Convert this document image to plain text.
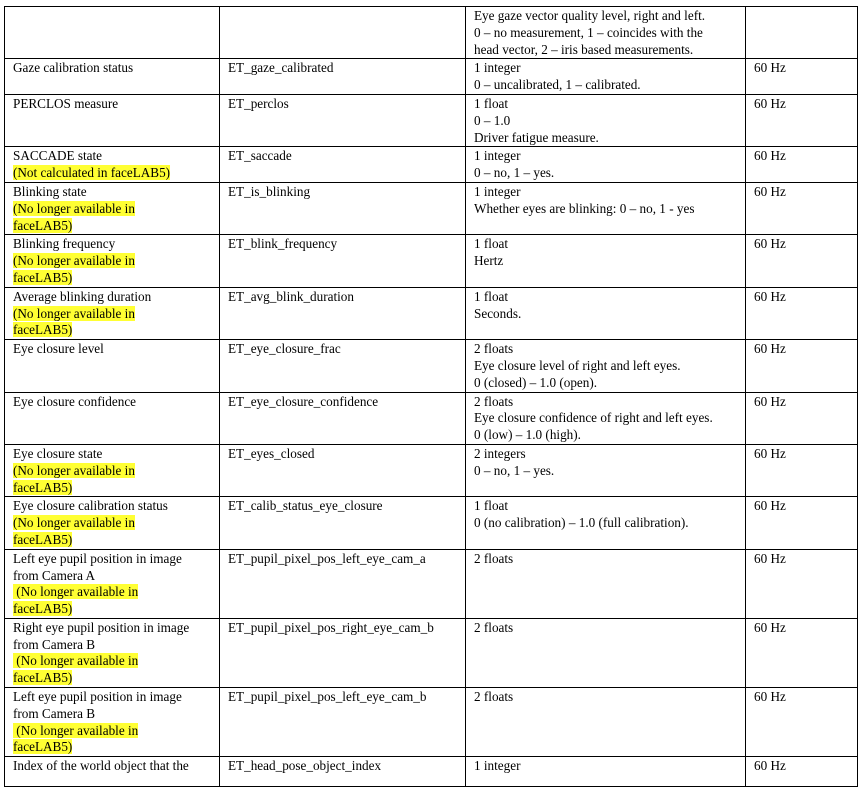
		Eye gaze vector quality level, right and left.
0 – no measurement, 1 – coincides with the
head vector, 2 – iris based measurements.	

Gaze calibration status	ET_gaze_calibrated	1 integer
0 – uncalibrated, 1 – calibrated.	60 Hz

PERCLOS measure	ET_perclos	1 float
0 – 1.0
Driver fatigue measure.	60 Hz

SACCADE state
(Not calculated in faceLAB5)	ET_saccade	1 integer
0 – no, 1 – yes.	60 Hz

Blinking state
(No longer available in
faceLAB5)	ET_is_blinking	1 integer
Whether eyes are blinking: 0 – no, 1 - yes	60 Hz

Blinking frequency
(No longer available in
faceLAB5)	ET_blink_frequency	1 float
Hertz	60 Hz

Average blinking duration
(No longer available in
faceLAB5)	ET_avg_blink_duration	1 float
Seconds.	60 Hz

Eye closure level	ET_eye_closure_frac	2 floats
Eye closure level of right and left eyes.
0 (closed) – 1.0 (open).	60 Hz

Eye closure confidence	ET_eye_closure_confidence	2 floats
Eye closure confidence of right and left eyes.
0 (low) – 1.0 (high).	60 Hz

Eye closure state
(No longer available in
faceLAB5)	ET_eyes_closed	2 integers
0 – no, 1 – yes.	60 Hz

Eye closure calibration status
(No longer available in
faceLAB5)	ET_calib_status_eye_closure	1 float
0 (no calibration) – 1.0 (full calibration).	60 Hz

Left eye pupil position in image
from Camera A
(No longer available in
faceLAB5)	ET_pupil_pixel_pos_left_eye_cam_a	2 floats	60 Hz

Right eye pupil position in image
from Camera B
(No longer available in
faceLAB5)	ET_pupil_pixel_pos_right_eye_cam_b	2 floats	60 Hz

Left eye pupil position in image
from Camera B
(No longer available in
faceLAB5)	ET_pupil_pixel_pos_left_eye_cam_b	2 floats	60 Hz

Index of the world object that the	ET_head_pose_object_index	1 integer	60 Hz
